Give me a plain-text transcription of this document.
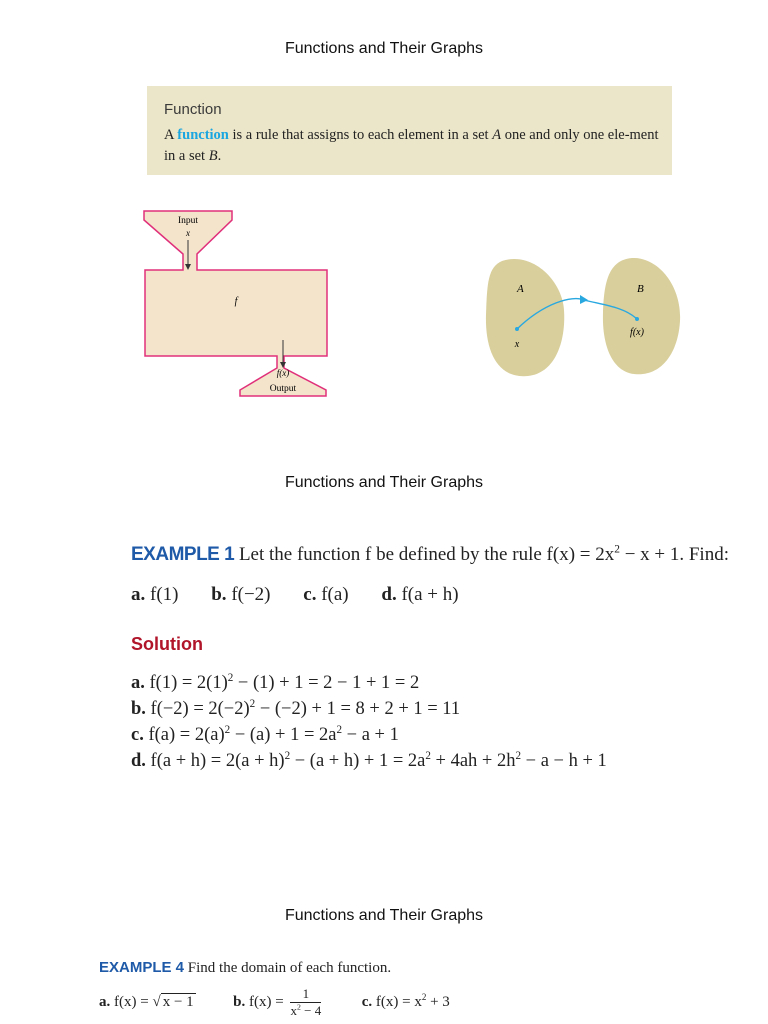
Functions and Their Graphs
Function
A function is a rule that assigns to each element in a set A one and only one ele-ment in a set B.
Input
x
f
f(x)
Output
A	B
x
f(x)
Functions and Their Graphs
EXAMPLE 1 Let the function f be defined by the rule $f(x) = 2x^2 - x + 1$. Find:
a. f(1) b. f(−2) c. f(a) d. f(a + h)
Solution
a. $f(1) = 2(1)^2 - (1) + 1 = 2 - 1 + 1 = 2$
b. $f(-2) = 2(-2)^2 - (-2) + 1 = 8 + 2 + 1 = 11$
c. $f(a) = 2(a)^2 - (a) + 1 = 2a^2 - a + 1$
d. $f(a + h) = 2(a + h)^2 - (a + h) + 1 = 2a^2 + 4ah + 2h^2 - a - h + 1$
Functions and Their Graphs
EXAMPLE 4 Find the domain of each function.
a. f(x) = √ x − 1	b. $f(x) = \frac{1}{x^2 - 4}$	c. $f(x) = x^2 + 3$
